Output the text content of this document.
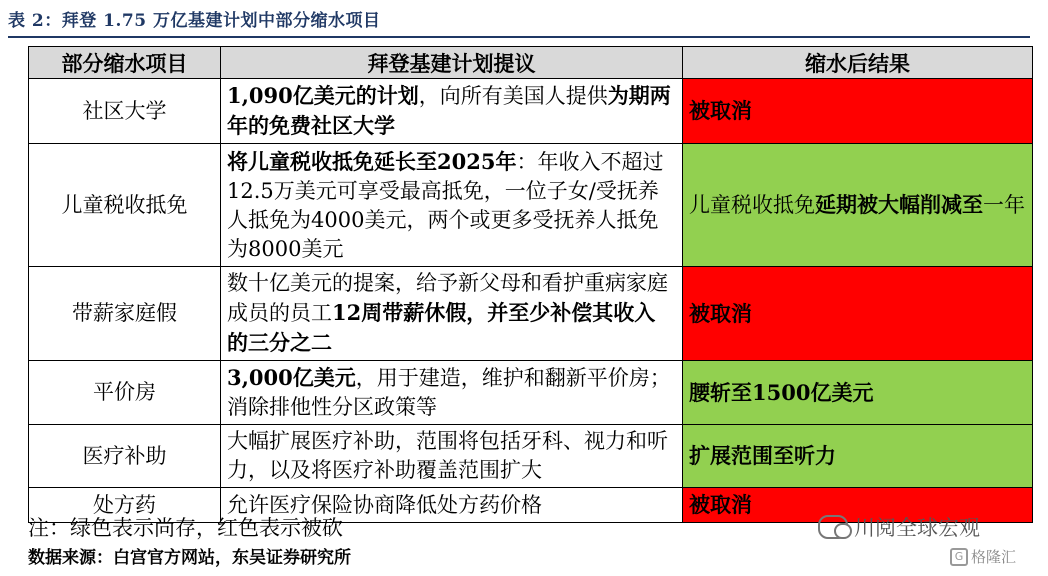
表 2：拜登 1.75 万亿基建计划中部分缩水项目
部分缩水项目	拜登基建计划提议	缩水后结果
社区大学	1,090亿美元的计划，向所有美国人提供为期两年的免费社区大学	被取消
儿童税收抵免	将儿童税收抵免延长至2025年：年收入不超过12.5万美元可享受最高抵免，一位子女/受抚养人抵免为4000美元，两个或更多受抚养人抵免为8000美元	儿童税收抵免延期被大幅削减至一年
带薪家庭假	数十亿美元的提案，给予新父母和看护重病家庭成员的员工12周带薪休假，并至少补偿其收入的三分之二	被取消
平价房	3,000亿美元，用于建造，维护和翻新平价房；消除排他性分区政策等	腰斩至1500亿美元
医疗补助	大幅扩展医疗补助，范围将包括牙科、视力和听力，以及将医疗补助覆盖范围扩大	扩展范围至听力
处方药	允许医疗保险协商降低处方药价格	被取消
注：绿色表示尚存，红色表示被砍	川阅全球宏观
数据来源：白宫官方网站，东吴证券研究所	G 格隆汇
